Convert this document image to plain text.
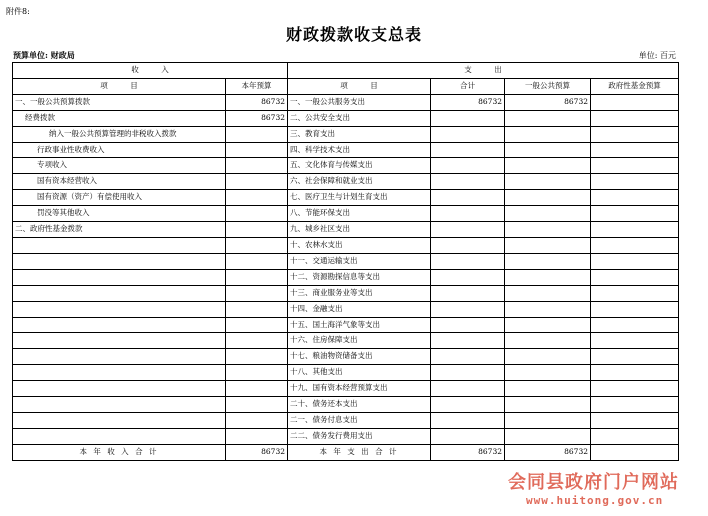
附件8:
财政拨款收支总表
预算单位: 财政局	单位: 百元
收　　　入		支　　　出			
项　　　目	本年预算	项　　　目	合计	一般公共预算	政府性基金预算
一、一般公共预算拨款	86732	一、一般公共服务支出	86732	86732	
经费拨款	86732	二、公共安全支出			
纳入一般公共预算管理的非税收入拨款		三、教育支出			
行政事业性收费收入		四、科学技术支出			
专项收入		五、文化体育与传媒支出			
国有资本经营收入		六、社会保障和就业支出			
国有资源（资产）有偿使用收入		七、医疗卫生与计划生育支出			
罚没等其他收入		八、节能环保支出			
二、政府性基金拨款		九、城乡社区支出			
		十、农林水支出			
		十一、交通运输支出			
		十二、资源勘探信息等支出			
		十三、商业服务业等支出			
		十四、金融支出			
		十五、国土海洋气象等支出			
		十六、住房保障支出			
		十七、粮油物资储备支出			
		十八、其他支出			
		十九、国有资本经营预算支出			
		二十、债务还本支出			
		二一、债务付息支出			
		二二、债务发行费用支出			
本 年 收 入 合 计	86732	本 年 支 出 合 计	86732	86732	
会同县政府门户网站
www.huitong.gov.cn
